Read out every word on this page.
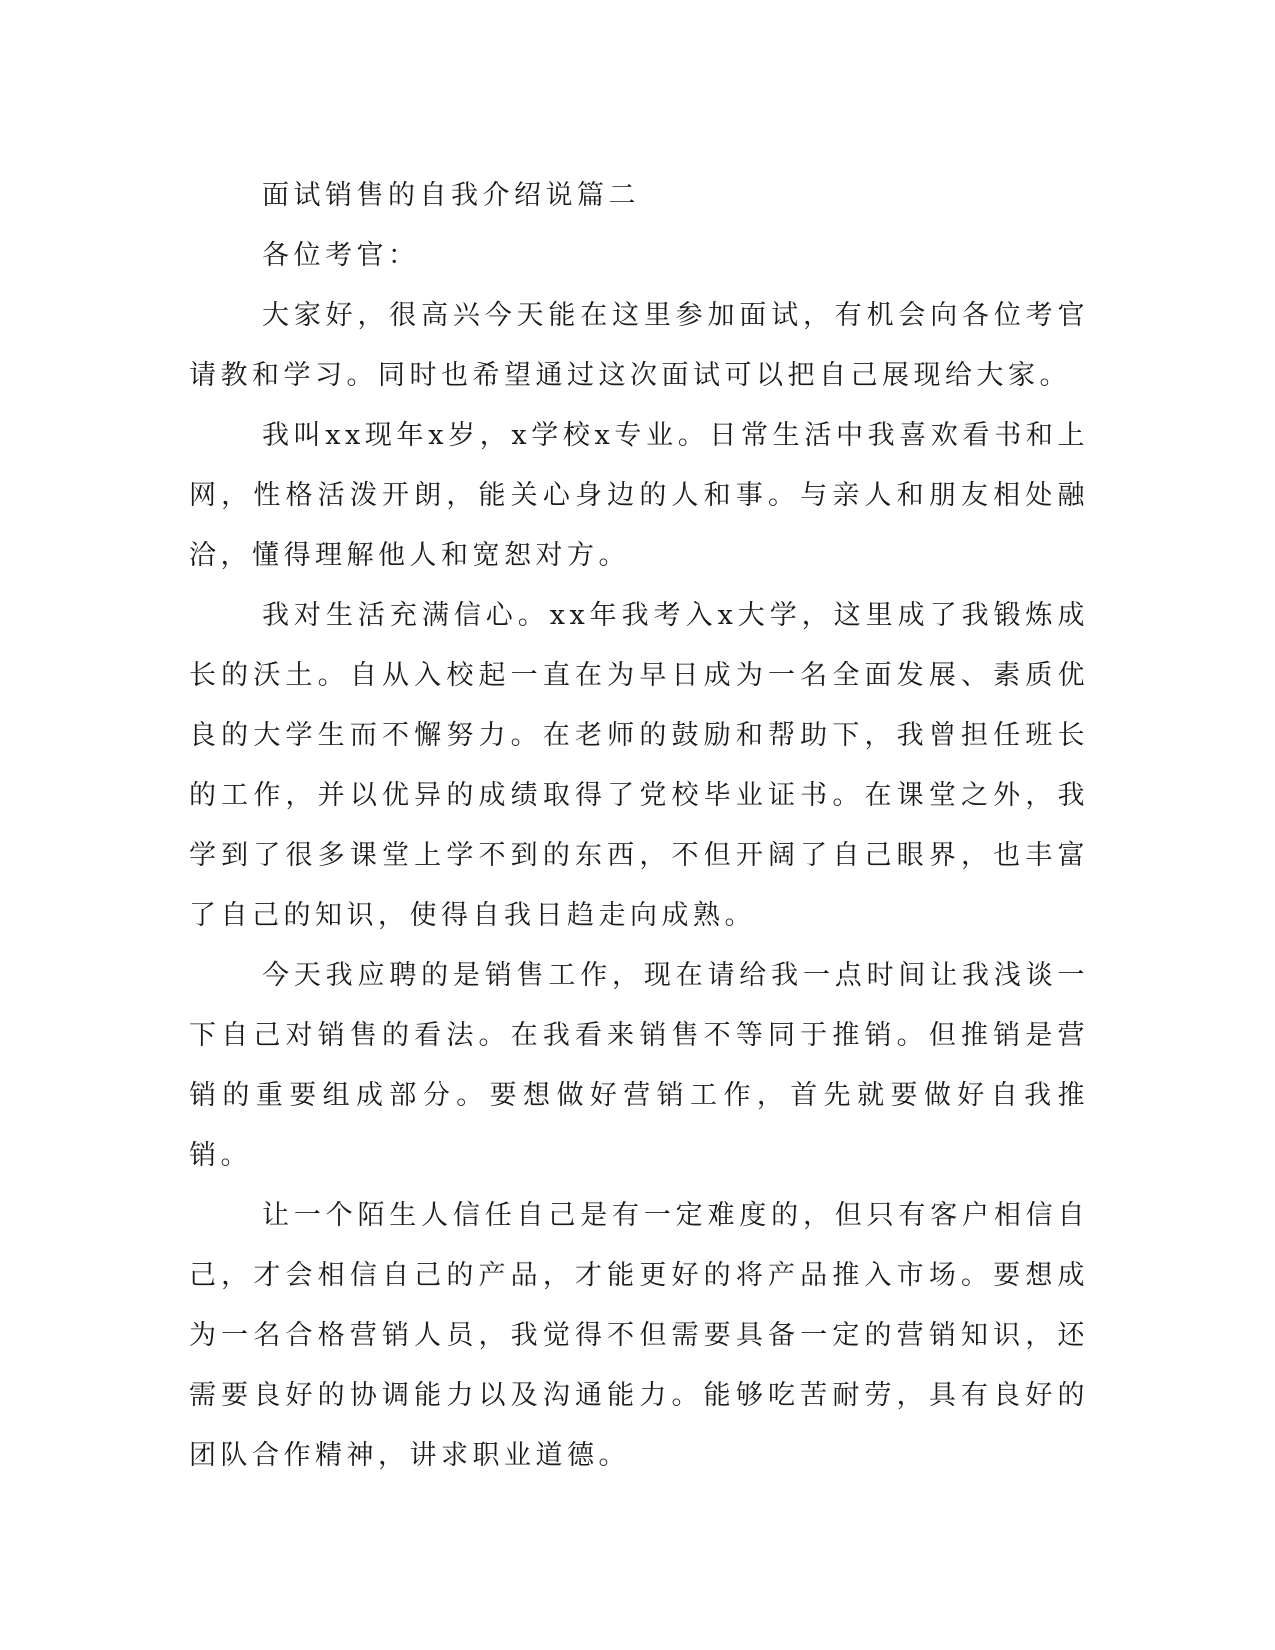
面试销售的自我介绍说篇二

各位考官：

大家好，很高兴今天能在这里参加面试，有机会向各位考官请教和学习。同时也希望通过这次面试可以把自己展现给大家。

我叫xx现年x岁，x学校x专业。日常生活中我喜欢看书和上网，性格活泼开朗，能关心身边的人和事。与亲人和朋友相处融洽，懂得理解他人和宽恕对方。

我对生活充满信心。xx年我考入x大学，这里成了我锻炼成长的沃土。自从入校起一直在为早日成为一名全面发展、素质优良的大学生而不懈努力。在老师的鼓励和帮助下，我曾担任班长的工作，并以优异的成绩取得了党校毕业证书。在课堂之外，我学到了很多课堂上学不到的东西，不但开阔了自己眼界，也丰富了自己的知识，使得自我日趋走向成熟。

今天我应聘的是销售工作，现在请给我一点时间让我浅谈一下自己对销售的看法。在我看来销售不等同于推销。但推销是营销的重要组成部分。要想做好营销工作，首先就要做好自我推销。

让一个陌生人信任自己是有一定难度的，但只有客户相信自己，才会相信自己的产品，才能更好的将产品推入市场。要想成为一名合格营销人员，我觉得不但需要具备一定的营销知识，还需要良好的协调能力以及沟通能力。能够吃苦耐劳，具有良好的团队合作精神，讲求职业道德。
